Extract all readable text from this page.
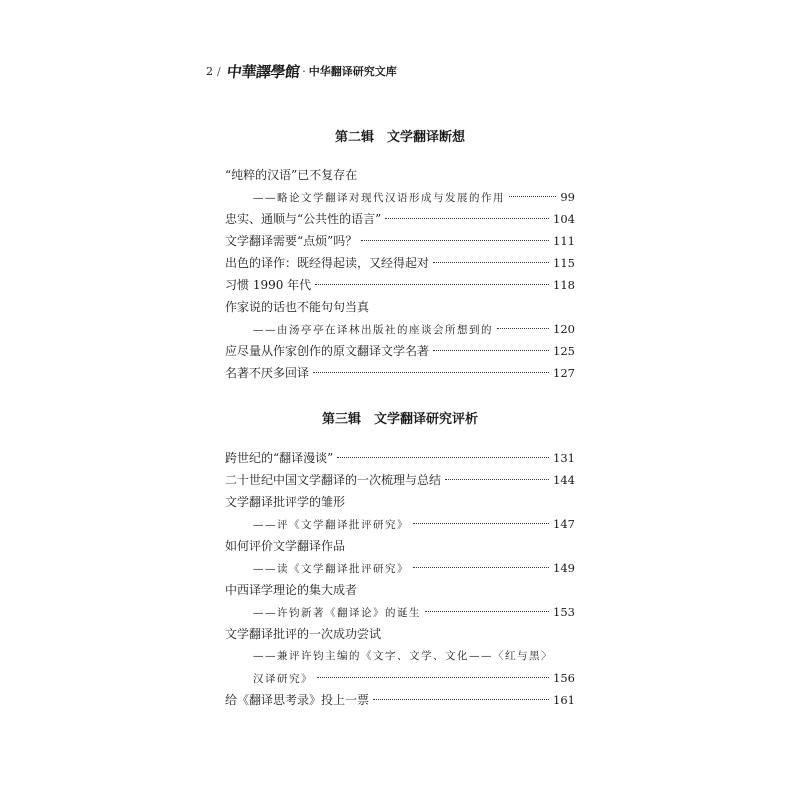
2 / 中華譯學館 · 中华翻译研究文库
第二辑　文学翻译断想
“纯粹的汉语”已不复存在
——略论文学翻译对现代汉语形成与发展的作用	99
忠实、通顺与“公共性的语言”	104
文学翻译需要“点烦”吗？	111
出色的译作：既经得起读，又经得起对	115
习惯 1990 年代	118
作家说的话也不能句句当真
——由汤亭亭在译林出版社的座谈会所想到的	120
应尽量从作家创作的原文翻译文学名著	125
名著不厌多回译	127
第三辑　文学翻译研究评析
跨世纪的“翻译漫谈”	131
二十世纪中国文学翻译的一次梳理与总结	144
文学翻译批评学的雏形
——评《文学翻译批评研究》	147
如何评价文学翻译作品
——读《文学翻译批评研究》	149
中西译学理论的集大成者
——许钧新著《翻译论》的诞生	153
文学翻译批评的一次成功尝试
——兼评许钧主编的《文字、文学、文化——〈红与黑〉
汉译研究》	156
给《翻译思考录》投上一票	161
